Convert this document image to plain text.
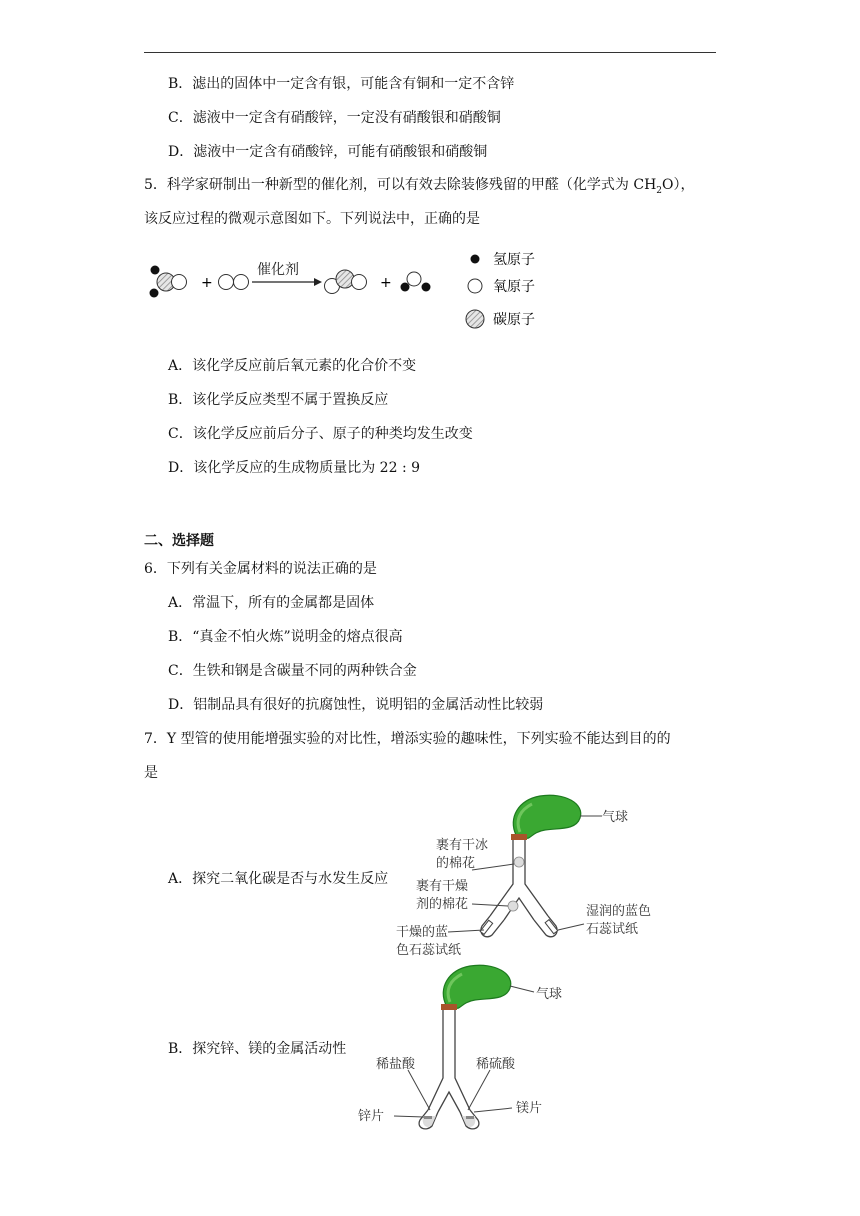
B．滤出的固体中一定含有银，可能含有铜和一定不含锌
C．滤液中一定含有硝酸锌，一定没有硝酸银和硝酸铜
D．滤液中一定含有硝酸锌，可能有硝酸银和硝酸铜
5．科学家研制出一种新型的催化剂，可以有效去除装修残留的甲醛（化学式为 $CH_2O$），
该反应过程的微观示意图如下。下列说法中，正确的是
+
催化剂
+
氢原子
氧原子
碳原子
A．该化学反应前后氧元素的化合价不变
B．该化学反应类型不属于置换反应
C．该化学反应前后分子、原子的种类均发生改变
D．该化学反应的生成物质量比为 22 : 9
二、选择题
6．下列有关金属材料的说法正确的是
A．常温下，所有的金属都是固体
B．“真金不怕火炼”说明金的熔点很高
C．生铁和钢是含碳量不同的两种铁合金
D．铝制品具有很好的抗腐蚀性，说明铝的金属活动性比较弱
7．Y 型管的使用能增强实验的对比性，增添实验的趣味性，下列实验不能达到目的的
是
A．探究二氧化碳是否与水发生反应
气球
裹有干冰
的棉花
裹有干燥
剂的棉花	湿润的蓝色
石蕊试纸
干燥的蓝
色石蕊试纸
B．探究锌、镁的金属活动性
气球
稀盐酸	稀硫酸
锌片
镁片
